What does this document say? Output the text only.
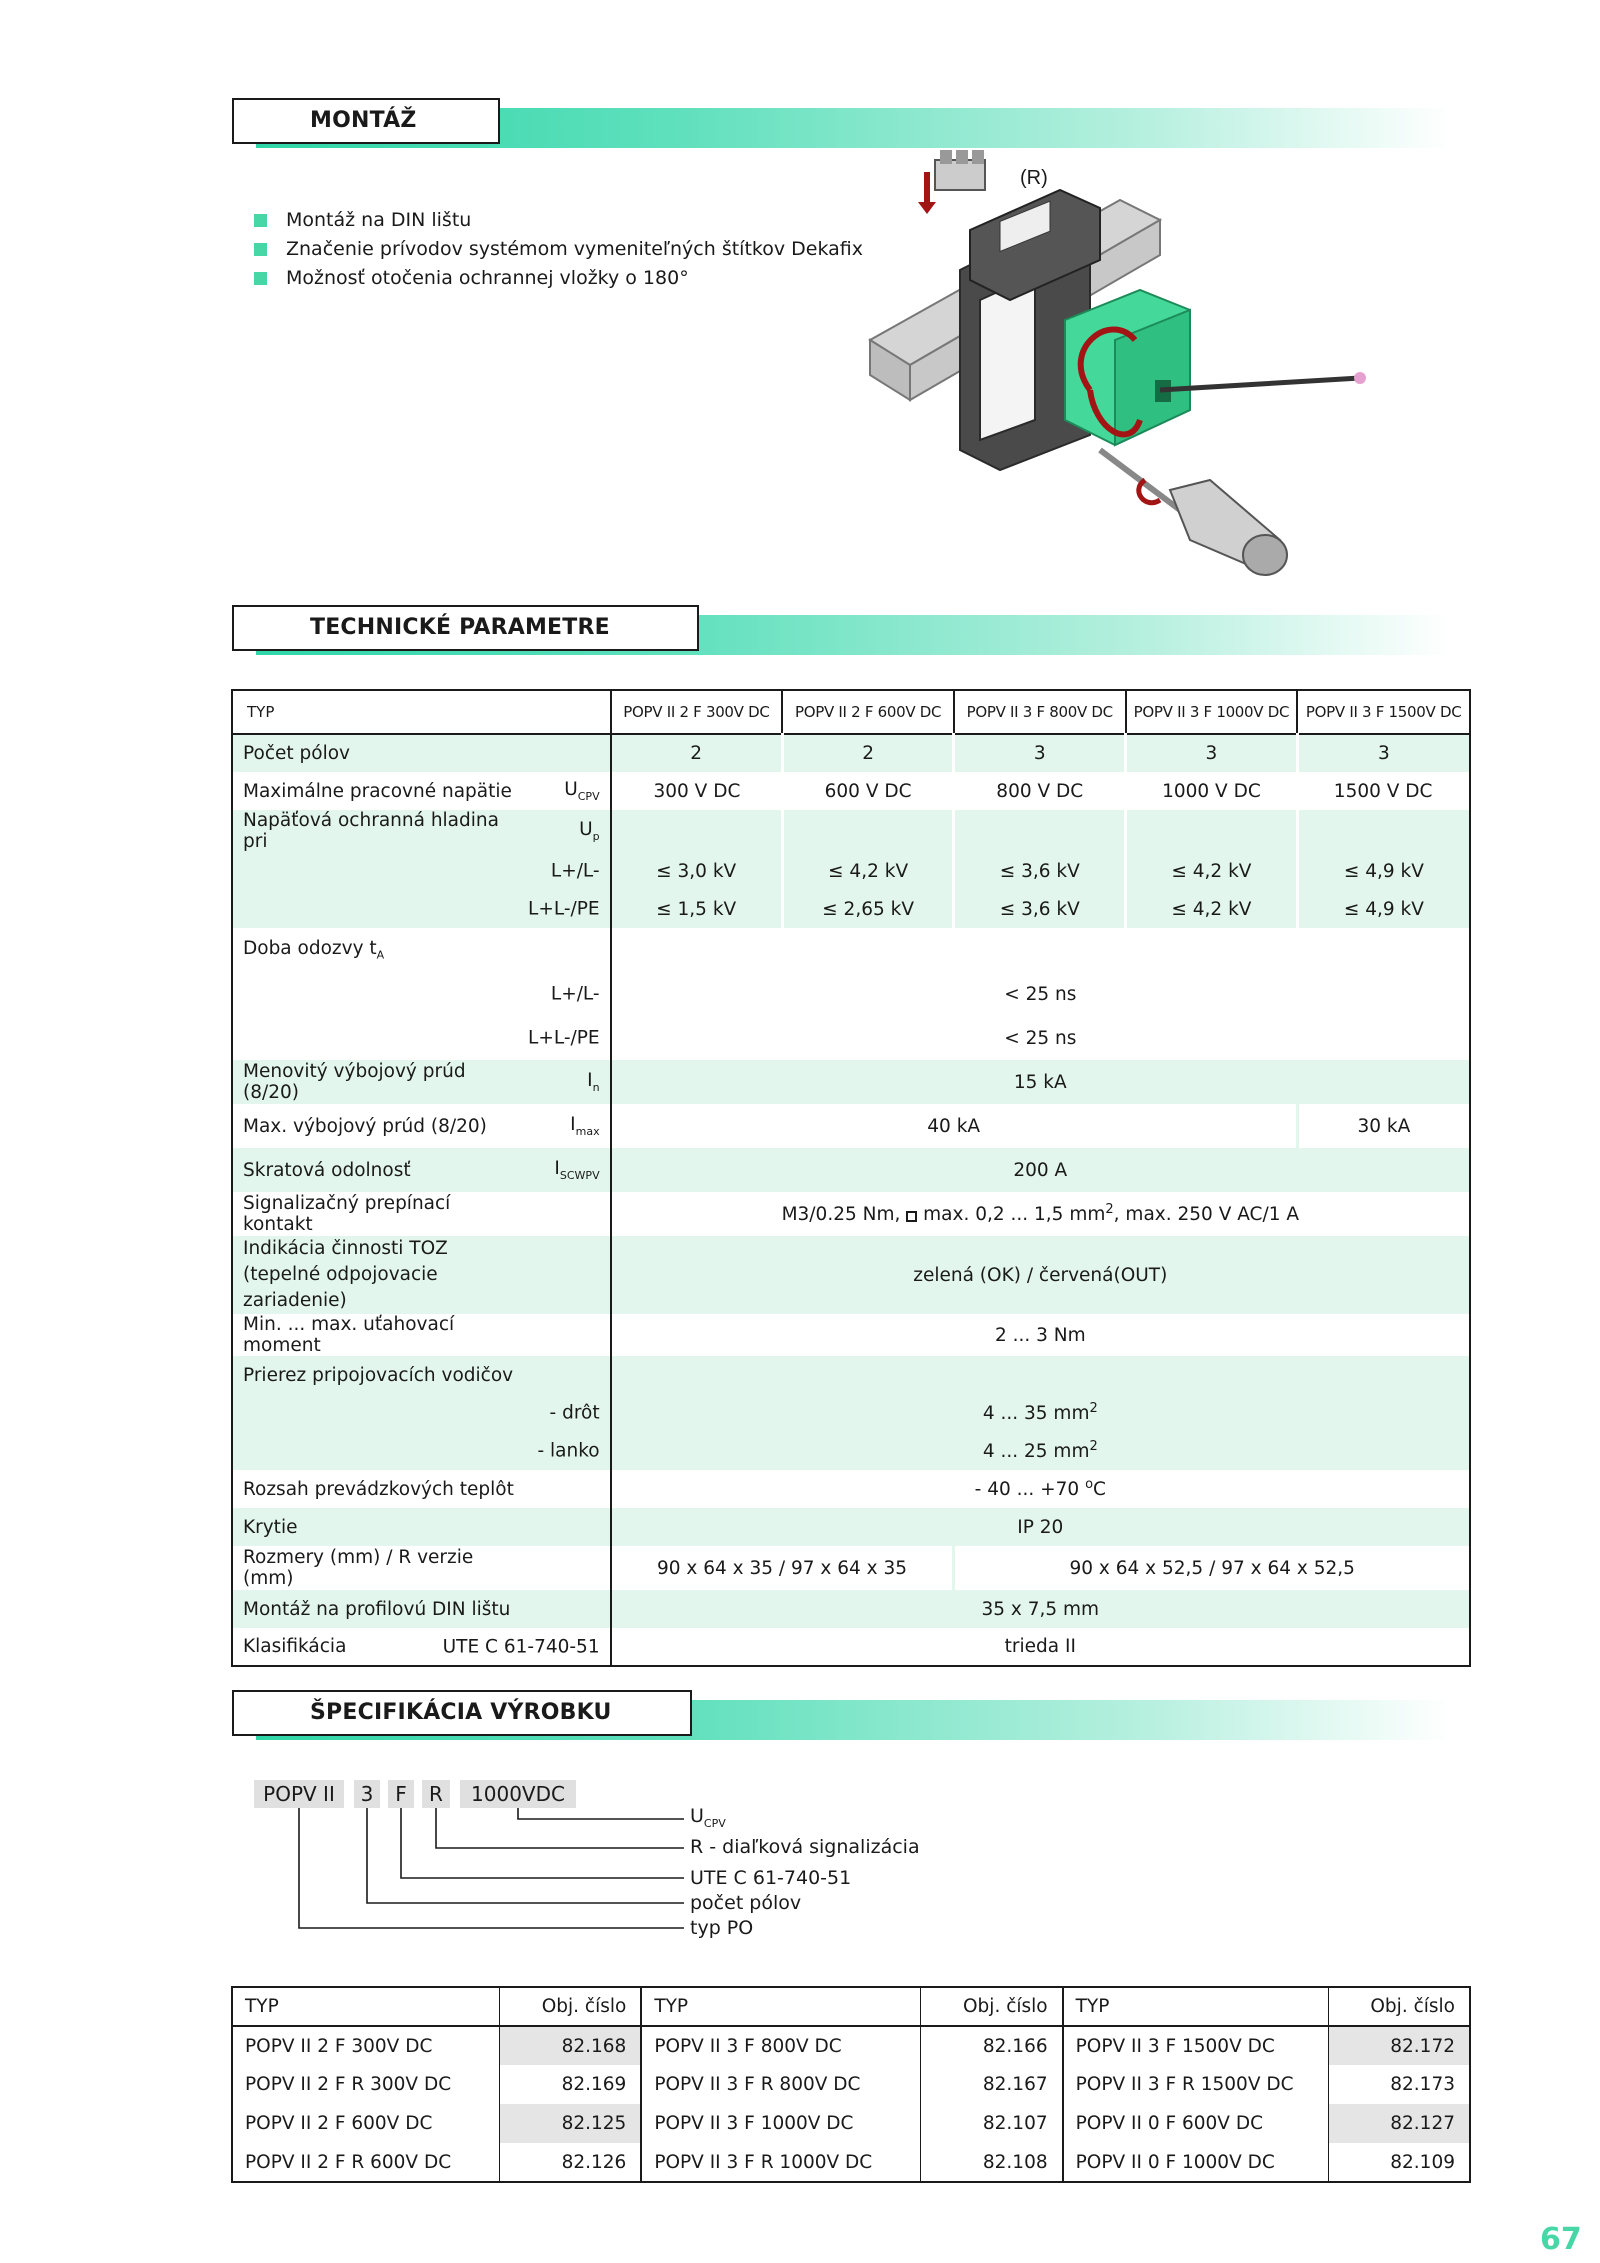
MONTÁŽ
Montáž na DIN lištu
Značenie prívodov systémom vymeniteľných štítkov Dekafix
Možnosť otočenia ochrannej vložky o 180°
(R)
TECHNICKÉ PARAMETRE
TYP	POPV II 2 F 300V DC	POPV II 2 F 600V DC	POPV II 3 F 800V DC	POPV II 3 F 1000V DC	POPV II 3 F 1500V DC
Počet pólov	2	2	3	3	3
Maximálne pracovné napätie $U_{CPV}$	300 V DC	600 V DC	800 V DC	1000 V DC	1500 V DC
Napäťová ochranná hladina pri
$U_p$

L+/L-	≤ 3,0 kV	≤ 4,2 kV	≤ 3,6 kV	≤ 4,2 kV	≤ 4,9 kV

L+L-/PE	≤ 1,5 kV	≤ 2,65 kV	≤ 3,6 kV	≤ 4,2 kV	≤ 4,9 kV
Doba odozvy $t_A$	

L+/L-	< 25 ns				

L+L-/PE	< 25 ns				
Menovitý výbojový prúd (8/20)
$I_n$	15 kA				
Max. výbojový prúd (8/20) $I_{max}$	40 kA				30 kA
Skratová odolnosť $I_{SCWPV}$	200 A				
Signalizačný prepínací kontakt	M3/0.25 Nm, max. 0,2 ... 1,5 $mm^2$, max. 250 V AC/1 A				
Indikácia činnosti TOZ
(tepelné odpojovacie zariadenie)	zelená (OK) / červená(OUT)				
Min. ... max. uťahovací moment	2 ... 3 Nm				
Prierez pripojovacích vodičov					

- drôt	4 ... 35 $mm^2$

- lanko	4 ... 25 $mm^2$
Rozsah prevádzkových teplôt	- 40 ... +70 $^o$C				
Krytie	IP 20				
Rozmery (mm) / R verzie (mm)	90 x 64 x 35 / 97 x 64 x 35		90 x 64 x 52,5 / 97 x 64 x 52,5		
Montáž na profilovú DIN lištu	35 x 7,5 mm				
Klasifikácia UTE C 61-740-51	trieda II				
ŠPECIFIKÁCIA VÝROBKU
POPV II	3	F	R	1000VDC
$U_{CPV}$
R - diaľková signalizácia
UTE C 61-740-51
počet pólov
typ PO
TYP	Obj. číslo	TYP	Obj. číslo	TYP	Obj. číslo
POPV II 2 F 300V DC	82.168	POPV II 3 F 800V DC	82.166	POPV II 3 F 1500V DC	82.172
POPV II 2 F R 300V DC	82.169	POPV II 3 F R 800V DC	82.167	POPV II 3 F R 1500V DC	82.173
POPV II 2 F 600V DC	82.125	POPV II 3 F 1000V DC	82.107	POPV II 0 F 600V DC	82.127
POPV II 2 F R 600V DC	82.126	POPV II 3 F R 1000V DC	82.108	POPV II 0 F 1000V DC	82.109
67
